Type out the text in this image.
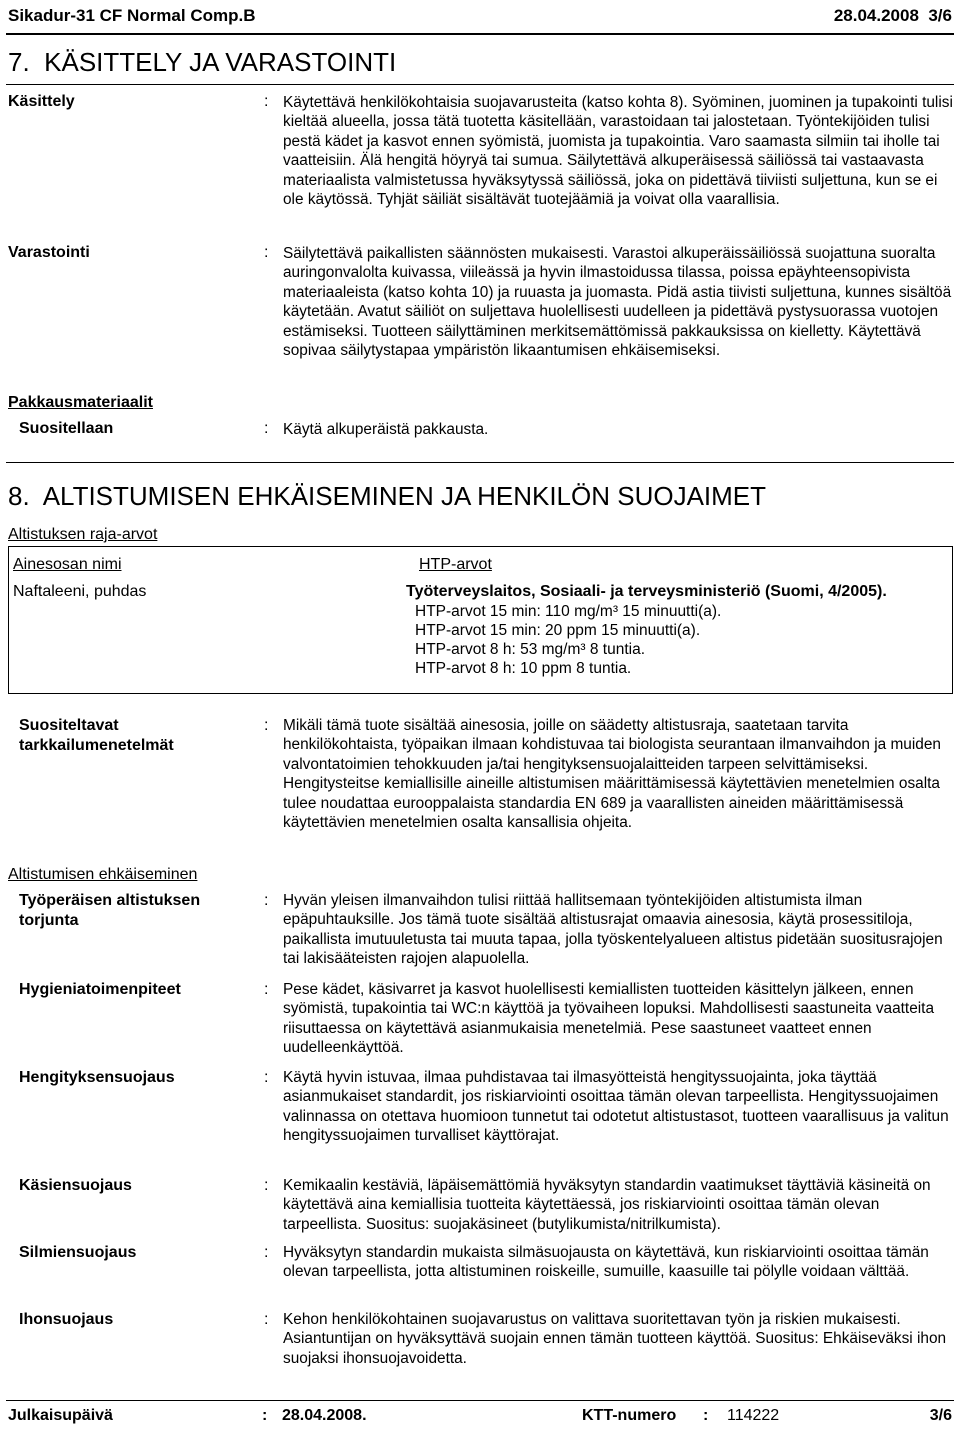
Sikadur-31 CF Normal Comp.B	28.04.2008  3/6
7.  KÄSITTELY JA VARASTOINTI
Käsittely	: Käytettävä henkilökohtaisia suojavarusteita (katso kohta 8). Syöminen, juominen ja tupakointi tulisi kieltää alueella, jossa tätä tuotetta käsitellään, varastoidaan tai jalostetaan. Työntekijöiden tulisi pestä kädet ja kasvot ennen syömistä, juomista ja tupakointia. Varo saamasta silmiin tai iholle tai vaatteisiin. Älä hengitä höyryä tai sumua. Säilytettävä alkuperäisessä säiliössä tai vastaavasta materiaalista valmistetussa hyväksytyssä säiliössä, joka on pidettävä tiiviisti suljettuna, kun se ei ole käytössä. Tyhjät säiliät sisältävät tuotejäämiä ja voivat olla vaarallisia.
Varastointi	: Säilytettävä paikallisten säännösten mukaisesti. Varastoi alkuperäissäiliössä suojattuna suoralta auringonvalolta kuivassa, viileässä ja hyvin ilmastoidussa tilassa, poissa epäyhteensopivista materiaaleista (katso kohta 10) ja ruuasta ja juomasta. Pidä astia tiivisti suljettuna, kunnes sisältöä käytetään. Avatut säiliöt on suljettava huolellisesti uudelleen ja pidettävä pystysuorassa vuotojen estämiseksi. Tuotteen säilyttäminen merkitsemättömissä pakkauksissa on kielletty. Käytettävä sopivaa säilytystapaa ympäristön likaantumisen ehkäisemiseksi.
Pakkausmateriaalit
Suositellaan	: Käytä alkuperäistä pakkausta.
8.  ALTISTUMISEN EHKÄISEMINEN JA HENKILÖN SUOJAIMET
Altistuksen raja-arvot
Ainesosan nimi	HTP-arvot
Naftaleeni, puhdas	Työterveyslaitos, Sosiaali- ja terveysministeriö (Suomi, 4/2005).
HTP-arvot 15 min: 110 mg/m³ 15 minuutti(a).
HTP-arvot 15 min: 20 ppm 15 minuutti(a).
HTP-arvot 8 h: 53 mg/m³ 8 tuntia.
HTP-arvot 8 h: 10 ppm 8 tuntia.
Suositeltavat tarkkailumenetelmät
: Mikäli tämä tuote sisältää ainesosia, joille on säädetty altistusraja, saatetaan tarvita henkilökohtaista, työpaikan ilmaan kohdistuvaa tai biologista seurantaan ilmanvaihdon ja muiden valvontatoimien tehokkuuden ja/tai hengityksensuojalaitteiden tarpeen selvittämiseksi. Hengitysteitse kemiallisille aineille altistumisen määrittämisessä käytettävien menetelmien osalta tulee noudattaa eurooppalaista standardia EN 689 ja vaarallisten aineiden määrittämisessä käytettävien menetelmien osalta kansallisia ohjeita.
Altistumisen ehkäiseminen
Työperäisen altistuksen torjunta
: Hyvän yleisen ilmanvaihdon tulisi riittää hallitsemaan työntekijöiden altistumista ilman epäpuhtauksille. Jos tämä tuote sisältää altistusrajat omaavia ainesosia, käytä prosessitiloja, paikallista imutuuletusta tai muuta tapaa, jolla työskentelyalueen altistus pidetään suositusrajojen tai lakisääteisten rajojen alapuolella.
Hygieniatoimenpiteet	: Pese kädet, käsivarret ja kasvot huolellisesti kemiallisten tuotteiden käsittelyn jälkeen, ennen syömistä, tupakointia tai WC:n käyttöä ja työvaiheen lopuksi. Mahdollisesti saastuneita vaatteita riisuttaessa on käytettävä asianmukaisia menetelmiä. Pese saastuneet vaatteet ennen uudelleenkäyttöä.
Hengityksensuojaus	: Käytä hyvin istuvaa, ilmaa puhdistavaa tai ilmasyötteistä hengityssuojainta, joka täyttää asianmukaiset standardit, jos riskiarviointi osoittaa tämän olevan tarpeellista. Hengityssuojaimen valinnassa on otettava huomioon tunnetut tai odotetut altistustasot, tuotteen vaarallisuus ja valitun hengityssuojaimen turvalliset käyttörajat.
Käsiensuojaus	: Kemikaalin kestäviä, läpäisemättömiä hyväksytyn standardin vaatimukset täyttäviä käsineitä on käytettävä aina kemiallisia tuotteita käytettäessä, jos riskiarviointi osoittaa tämän olevan tarpeellista. Suositus: suojakäsineet (butylikumista/nitrilkumista).
Silmiensuojaus	: Hyväksytyn standardin mukaista silmäsuojausta on käytettävä, kun riskiarviointi osoittaa tämän olevan tarpeellista, jotta altistuminen roiskeille, sumuille, kaasuille tai pölylle voidaan välttää.
Ihonsuojaus	: Kehon henkilökohtainen suojavarustus on valittava suoritettavan työn ja riskien mukaisesti. Asiantuntijan on hyväksyttävä suojain ennen tämän tuotteen käyttöä. Suositus: Ehkäiseväksi ihon suojaksi ihonsuojavoidetta.
Julkaisupäivä	: 28.04.2008.	KTT-numero : 114222	3/6
